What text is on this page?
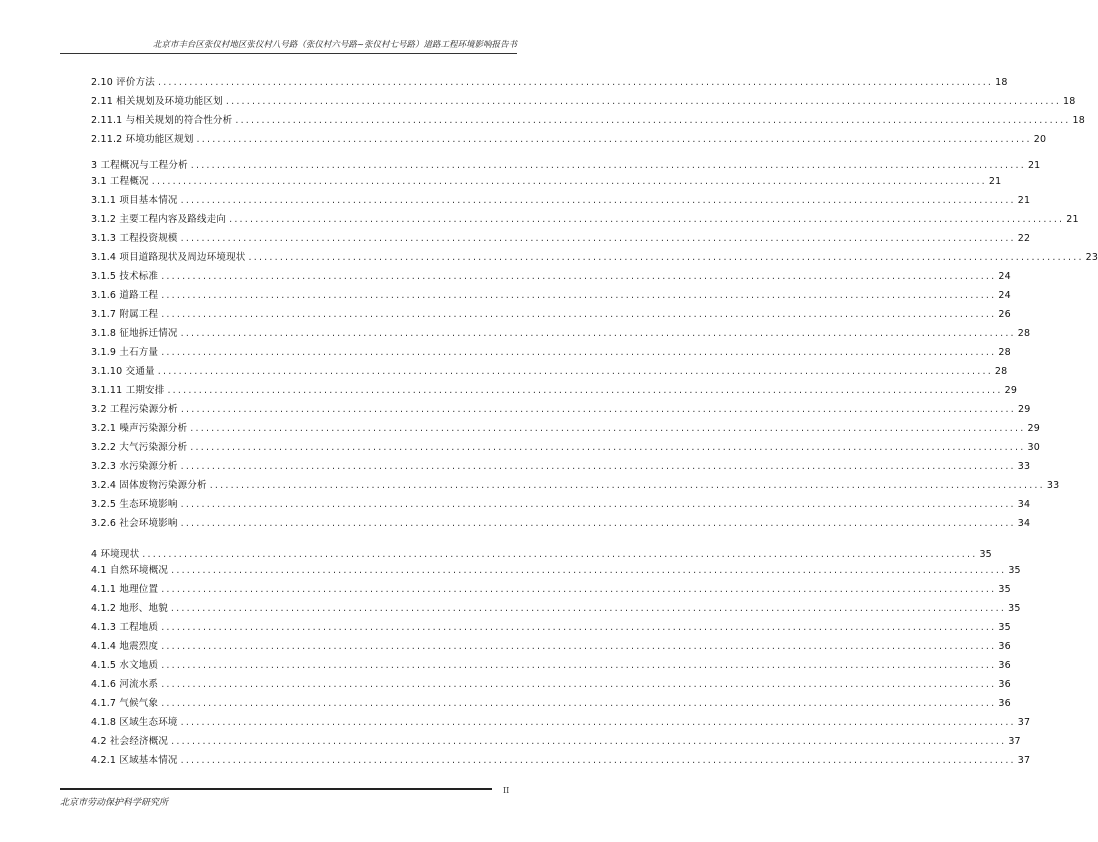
北京市丰台区张仪村地区张仪村八号路（张仪村六号路~张仪村七号路）道路工程环境影响报告书
2.10 评价方法 ................................................................................................................................................................ 18
2.11 相关规划及环境功能区划 ................................................................................................................................................................ 18
2.11.1 与相关规划的符合性分析 ................................................................................................................................................................ 18
2.11.2 环境功能区规划 ................................................................................................................................................................ 20
3 工程概况与工程分析 ................................................................................................................................................................ 21
3.1 工程概况 ................................................................................................................................................................ 21
3.1.1 项目基本情况 ................................................................................................................................................................ 21
3.1.2 主要工程内容及路线走向 ................................................................................................................................................................ 21
3.1.3 工程投资规模 ................................................................................................................................................................ 22
3.1.4 项目道路现状及周边环境现状 ................................................................................................................................................................ 23
3.1.5 技术标准 ................................................................................................................................................................ 24
3.1.6 道路工程 ................................................................................................................................................................ 24
3.1.7 附属工程 ................................................................................................................................................................ 26
3.1.8 征地拆迁情况 ................................................................................................................................................................ 28
3.1.9 土石方量 ................................................................................................................................................................ 28
3.1.10 交通量 ................................................................................................................................................................ 28
3.1.11 工期安排 ................................................................................................................................................................ 29
3.2 工程污染源分析 ................................................................................................................................................................ 29
3.2.1 噪声污染源分析 ................................................................................................................................................................ 29
3.2.2 大气污染源分析 ................................................................................................................................................................ 30
3.2.3 水污染源分析 ................................................................................................................................................................ 33
3.2.4 固体废物污染源分析 ................................................................................................................................................................ 33
3.2.5 生态环境影响 ................................................................................................................................................................ 34
3.2.6 社会环境影响 ................................................................................................................................................................ 34
4 环境现状 ................................................................................................................................................................ 35
4.1 自然环境概况 ................................................................................................................................................................ 35
4.1.1 地理位置 ................................................................................................................................................................ 35
4.1.2 地形、地貌 ................................................................................................................................................................ 35
4.1.3 工程地质 ................................................................................................................................................................ 35
4.1.4 地震烈度 ................................................................................................................................................................ 36
4.1.5 水文地质 ................................................................................................................................................................ 36
4.1.6 河流水系 ................................................................................................................................................................ 36
4.1.7 气候气象 ................................................................................................................................................................ 36
4.1.8 区域生态环境 ................................................................................................................................................................ 37
4.2 社会经济概况 ................................................................................................................................................................ 37
4.2.1 区域基本情况 ................................................................................................................................................................ 37
II
北京市劳动保护科学研究所
